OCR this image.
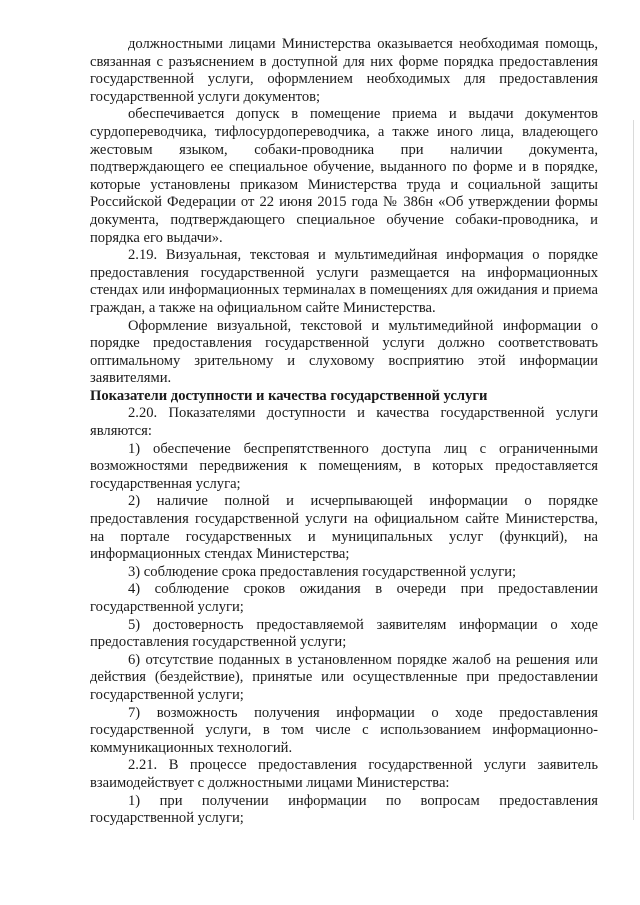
должностными лицами Министерства оказывается необходимая помощь, связанная с разъяснением в доступной для них форме порядка предоставления государственной услуги, оформлением необходимых для предоставления государственной услуги документов;

обеспечивается допуск в помещение приема и выдачи документов сурдопереводчика, тифлосурдопереводчика, а также иного лица, владеющего жестовым языком, собаки-проводника при наличии документа, подтверждающего ее специальное обучение, выданного по форме и в порядке, которые установлены приказом Министерства труда и социальной защиты Российской Федерации от 22 июня 2015 года № 386н «Об утверждении формы документа, подтверждающего специальное обучение собаки-проводника, и порядка его выдачи».

2.19. Визуальная, текстовая и мультимедийная информация о порядке предоставления государственной услуги размещается на информационных стендах или информационных терминалах в помещениях для ожидания и приема граждан, а также на официальном сайте Министерства.

Оформление визуальной, текстовой и мультимедийной информации о порядке предоставления государственной услуги должно соответствовать оптимальному зрительному и слуховому восприятию этой информации заявителями.

Показатели доступности и качества государственной услуги

2.20. Показателями доступности и качества государственной услуги являются:

1) обеспечение беспрепятственного доступа лиц с ограниченными возможностями передвижения к помещениям, в которых предоставляется государственная услуга;

2) наличие полной и исчерпывающей информации о порядке предоставления государственной услуги на официальном сайте Министерства, на портале государственных и муниципальных услуг (функций), на информационных стендах Министерства;

3) соблюдение срока предоставления государственной услуги;

4) соблюдение сроков ожидания в очереди при предоставлении государственной услуги;

5) достоверность предоставляемой заявителям информации о ходе предоставления государственной услуги;

6) отсутствие поданных в установленном порядке жалоб на решения или действия (бездействие), принятые или осуществленные при предоставлении государственной услуги;

7) возможность получения информации о ходе предоставления государственной услуги, в том числе с использованием информационно-коммуникационных технологий.

2.21. В процессе предоставления государственной услуги заявитель взаимодействует с должностными лицами Министерства:

1) при получении информации по вопросам предоставления государственной услуги;
